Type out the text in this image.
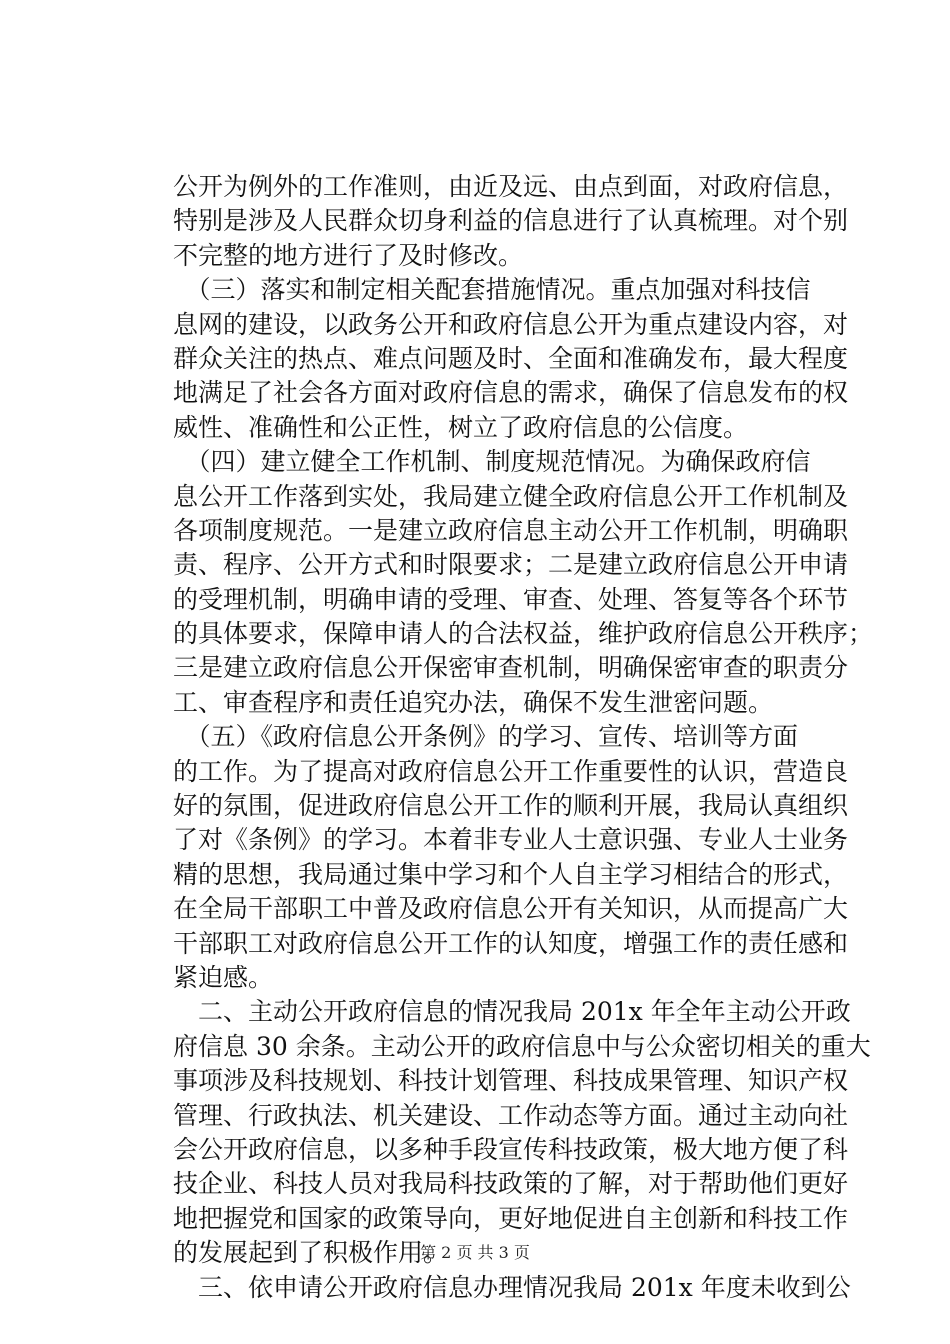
公开为例外的工作准则，由近及远、由点到面，对政府信息，
特别是涉及人民群众切身利益的信息进行了认真梳理。对个别
不完整的地方进行了及时修改。
　（三）落实和制定相关配套措施情况。重点加强对科技信
息网的建设，以政务公开和政府信息公开为重点建设内容，对
群众关注的热点、难点问题及时、全面和准确发布，最大程度
地满足了社会各方面对政府信息的需求，确保了信息发布的权
威性、准确性和公正性，树立了政府信息的公信度。
　（四）建立健全工作机制、制度规范情况。为确保政府信
息公开工作落到实处，我局建立健全政府信息公开工作机制及
各项制度规范。一是建立政府信息主动公开工作机制，明确职
责、程序、公开方式和时限要求；二是建立政府信息公开申请
的受理机制，明确申请的受理、审查、处理、答复等各个环节
的具体要求，保障申请人的合法权益，维护政府信息公开秩序；
三是建立政府信息公开保密审查机制，明确保密审查的职责分
工、审查程序和责任追究办法，确保不发生泄密问题。
　（五）《政府信息公开条例》的学习、宣传、培训等方面
的工作。为了提高对政府信息公开工作重要性的认识，营造良
好的氛围，促进政府信息公开工作的顺利开展，我局认真组织
了对《条例》的学习。本着非专业人士意识强、专业人士业务
精的思想，我局通过集中学习和个人自主学习相结合的形式，
在全局干部职工中普及政府信息公开有关知识，从而提高广大
干部职工对政府信息公开工作的认知度，增强工作的责任感和
紧迫感。
　二、主动公开政府信息的情况我局 201x 年全年主动公开政
府信息 30 余条。主动公开的政府信息中与公众密切相关的重大
事项涉及科技规划、科技计划管理、科技成果管理、知识产权
管理、行政执法、机关建设、工作动态等方面。通过主动向社
会公开政府信息，以多种手段宣传科技政策，极大地方便了科
技企业、科技人员对我局科技政策的了解，对于帮助他们更好
地把握党和国家的政策导向，更好地促进自主创新和科技工作
的发展起到了积极作用。
　三、依申请公开政府信息办理情况我局 201x 年度未收到公
第 2 页 共 3 页
